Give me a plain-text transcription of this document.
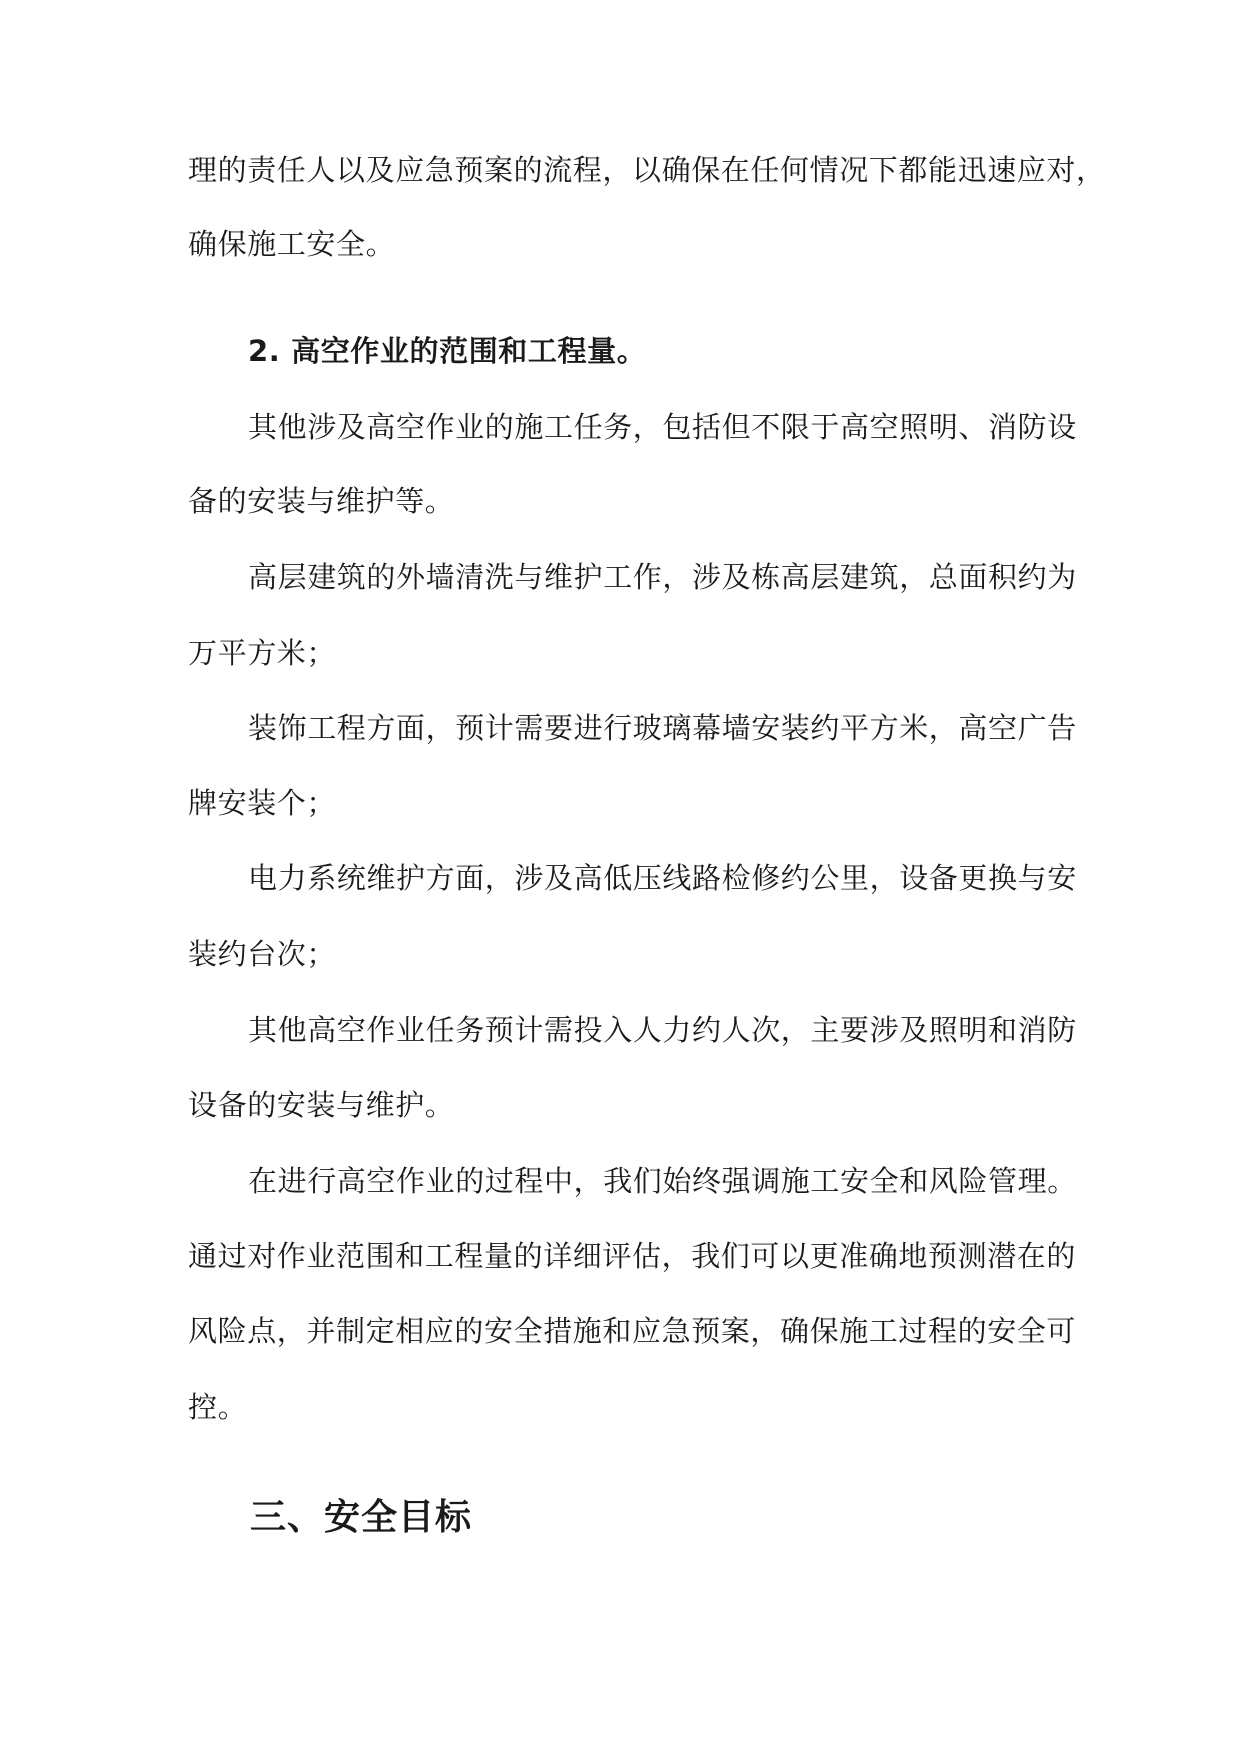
理的责任人以及应急预案的流程，以确保在任何情况下都能迅速应对，
确保施工安全。
2. 高空作业的范围和工程量。
其他涉及高空作业的施工任务，包括但不限于高空照明、消防设
备的安装与维护等。
高层建筑的外墙清洗与维护工作，涉及栋高层建筑，总面积约为
万平方米；
装饰工程方面，预计需要进行玻璃幕墙安装约平方米，高空广告
牌安装个；
电力系统维护方面，涉及高低压线路检修约公里，设备更换与安
装约台次；
其他高空作业任务预计需投入人力约人次，主要涉及照明和消防
设备的安装与维护。
在进行高空作业的过程中，我们始终强调施工安全和风险管理。
通过对作业范围和工程量的详细评估，我们可以更准确地预测潜在的
风险点，并制定相应的安全措施和应急预案，确保施工过程的安全可
控。
三、安全目标
